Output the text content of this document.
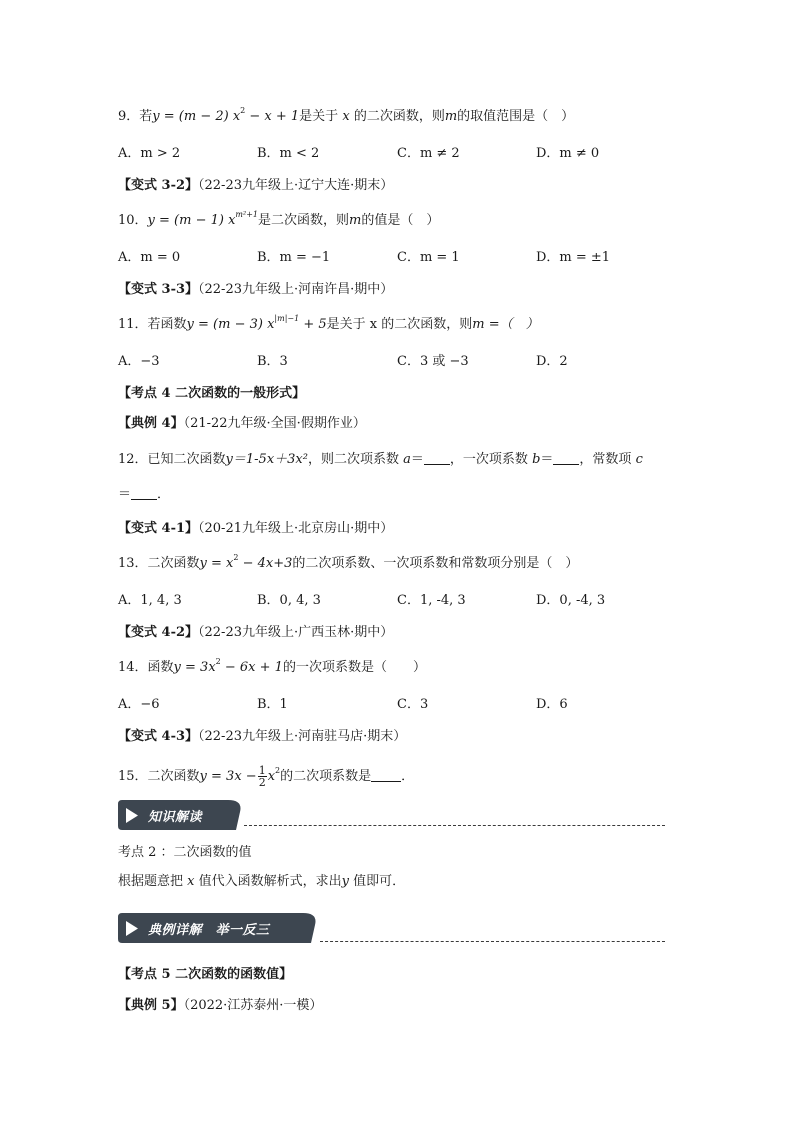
9．若y = (m − 2) $x^2 - x + 1$是关于 x 的二次函数，则m的取值范围是（　）
A．m > 2	B．m < 2	C．m ≠ 2	D．m ≠ 0
【变式 3-2】（22-23九年级上·辽宁大连·期末）
10．y = (m − 1) $x^{m^2+1}$是二次函数，则m的值是（　）
A．m = 0	B．m = −1	C．m = 1	D．m = ±1
【变式 3-3】（22-23九年级上·河南许昌·期中）
11．若函数y = (m − 3) $x^{|m|-1} + 5$是关于 x 的二次函数，则m =（　）
A．−3	B．3	C．3 或 −3	D．2
【考点 4 二次函数的一般形式】
【典例 4】（21-22九年级·全国·假期作业）
12．已知二次函数y＝1-5x＋3x²，则二次项系数 a＝ ，一次项系数 b＝ ，常数项 c
＝ ．
【变式 4-1】（20-21九年级上·北京房山·期中）
13．二次函数$y = x^2 - 4x+3$的二次项系数、一次项系数和常数项分别是（　）
A．1, 4, 3	B．0, 4, 3	C．1, -4, 3	D．0, -4, 3
【变式 4-2】（22-23九年级上·广西玉林·期中）
14．函数$y = 3x^2 - 6x + 1$的一次项系数是（　　）
A．−6	B．1	C．3	D．6
【变式 4-3】（22-23九年级上·河南驻马店·期末）
15．二次函数$y = 3x - \frac{1}{2} x^2$的二次项系数是 ．
知识解读
考点 2 ：二次函数的值
根据题意把 x 值代入函数解析式，求出y 值即可．
典例详解　举一反三
【考点 5 二次函数的函数值】
【典例 5】（2022·江苏泰州·一模）
